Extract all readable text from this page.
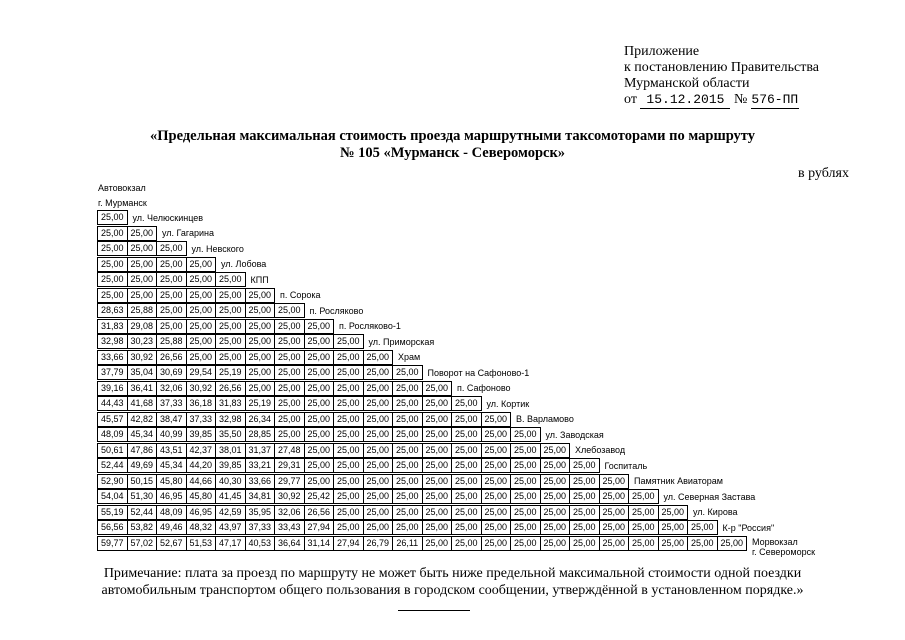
Приложение
к постановлению Правительства
Мурманской области
от 15.12.2015 № 576-ПП
«Предельная максимальная стоимость проезда маршрутными таксомоторами по маршруту
№ 105 «Мурманск - Североморск»
в рублях
Автовокзал
г. Мурманск
25,00 ул. Челюскинцев
25,00 25,00 ул. Гагарина
25,00 25,00 25,00 ул. Невского
25,00 25,00 25,00 25,00 ул. Лобова
25,00 25,00 25,00 25,00 25,00 КПП
25,00 25,00 25,00 25,00 25,00 25,00 п. Сорока
28,63 25,88 25,00 25,00 25,00 25,00 25,00 п. Росляково
31,83 29,08 25,00 25,00 25,00 25,00 25,00 25,00 п. Росляково-1
32,98 30,23 25,88 25,00 25,00 25,00 25,00 25,00 25,00 ул. Приморская
33,66 30,92 26,56 25,00 25,00 25,00 25,00 25,00 25,00 25,00 Храм
37,79 35,04 30,69 29,54 25,19 25,00 25,00 25,00 25,00 25,00 25,00 Поворот на Сафоново-1
39,16 36,41 32,06 30,92 26,56 25,00 25,00 25,00 25,00 25,00 25,00 25,00 п. Сафоново
44,43 41,68 37,33 36,18 31,83 25,19 25,00 25,00 25,00 25,00 25,00 25,00 25,00 ул. Кортик
45,57 42,82 38,47 37,33 32,98 26,34 25,00 25,00 25,00 25,00 25,00 25,00 25,00 25,00 В. Варламово
48,09 45,34 40,99 39,85 35,50 28,85 25,00 25,00 25,00 25,00 25,00 25,00 25,00 25,00 25,00 ул. Заводская
50,61 47,86 43,51 42,37 38,01 31,37 27,48 25,00 25,00 25,00 25,00 25,00 25,00 25,00 25,00 25,00 Хлебозавод
52,44 49,69 45,34 44,20 39,85 33,21 29,31 25,00 25,00 25,00 25,00 25,00 25,00 25,00 25,00 25,00 25,00 Госпиталь
52,90 50,15 45,80 44,66 40,30 33,66 29,77 25,00 25,00 25,00 25,00 25,00 25,00 25,00 25,00 25,00 25,00 25,00 Памятник Авиаторам
54,04 51,30 46,95 45,80 41,45 34,81 30,92 25,42 25,00 25,00 25,00 25,00 25,00 25,00 25,00 25,00 25,00 25,00 25,00 ул. Северная Застава
55,19 52,44 48,09 46,95 42,59 35,95 32,06 26,56 25,00 25,00 25,00 25,00 25,00 25,00 25,00 25,00 25,00 25,00 25,00 25,00 ул. Кирова
56,56 53,82 49,46 48,32 43,97 37,33 33,43 27,94 25,00 25,00 25,00 25,00 25,00 25,00 25,00 25,00 25,00 25,00 25,00 25,00 25,00 К-р "Россия"
59,77 57,02 52,67 51,53 47,17 40,53 36,64 31,14 27,94 26,79 26,11 25,00 25,00 25,00 25,00 25,00 25,00 25,00 25,00 25,00 25,00 25,00 Морвокзал
г. Североморск
Примечание: плата за проезд по маршруту не может быть ниже предельной максимальной стоимости одной поездки
автомобильным транспортом общего пользования в городском сообщении, утверждённой в установленном порядке.»
